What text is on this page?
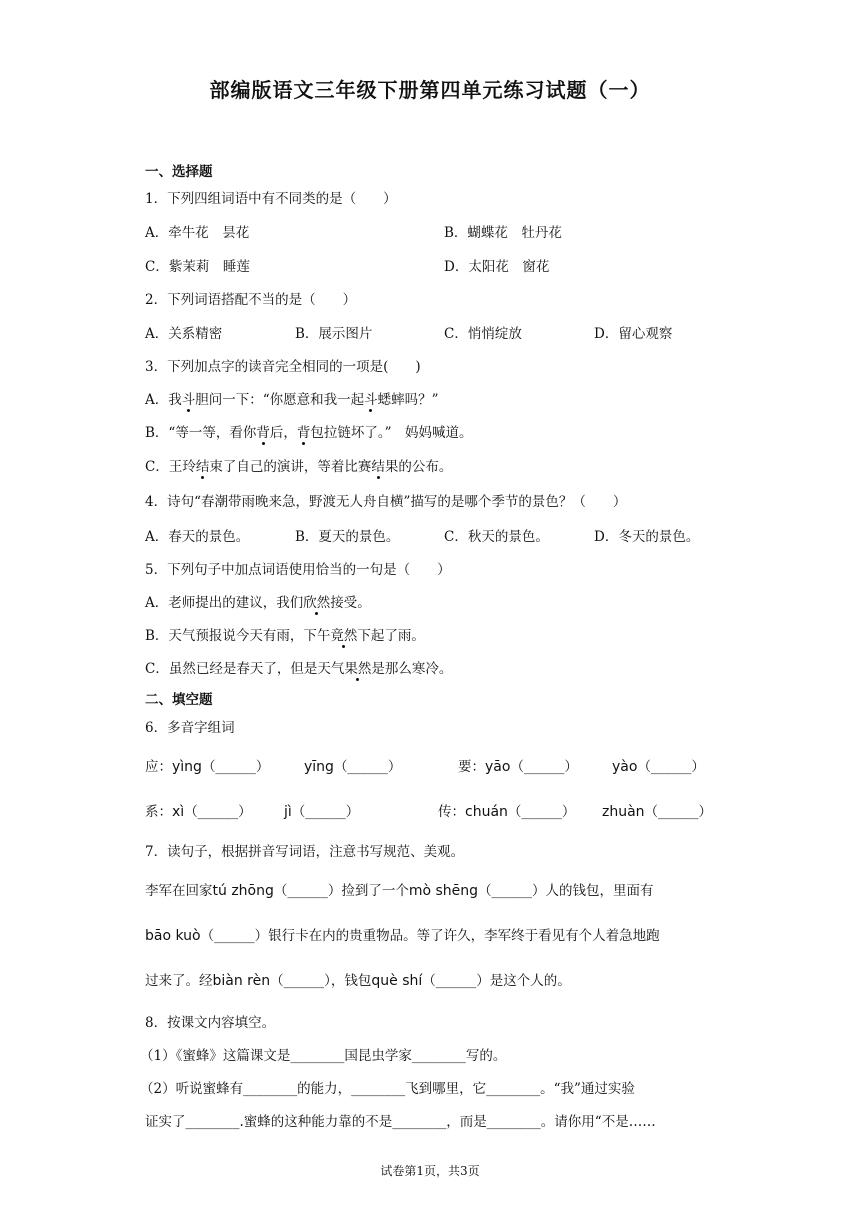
部编版语文三年级下册第四单元练习试题（一）
一、选择题
1．下列四组词语中有不同类的是（　　）
A．牵牛花　昙花	B．蝴蝶花　牡丹花
C．紫茉莉　睡莲	D．太阳花　窗花
2．下列词语搭配不当的是（　　）
A．关系精密	B．展示图片	C．悄悄绽放	D．留心观察
3．下列加点字的读音完全相同的一项是(　　)
A．我斗胆问一下：“你愿意和我一起斗蟋蟀吗？”
B．“等一等，看你背后，背包拉链坏了。”　妈妈喊道。
C．王玲结束了自己的演讲，等着比赛结果的公布。
4．诗句“春潮带雨晚来急，野渡无人舟自横”描写的是哪个季节的景色？（　　）
A．春天的景色。	B．夏天的景色。	C．秋天的景色。	D．冬天的景色。
5．下列句子中加点词语使用恰当的一句是（　　）
A．老师提出的建议，我们欣然接受。
B．天气预报说今天有雨，下午竟然下起了雨。
C．虽然已经是春天了，但是天气果然是那么寒冷。
二、填空题
6．多音字组词
应：yìng（______） yīng（______）	要：yāo（______） yào（______）
系：xì（______） jì（______）	传：chuán（______） zhuàn（______）
7．读句子，根据拼音写词语，注意书写规范、美观。
李军在回家tú zhōng（______）捡到了一个mò shēng（______）人的钱包，里面有
bāo kuò（______）银行卡在内的贵重物品。等了许久，李军终于看见有个人着急地跑
过来了。经biàn rèn（______），钱包què shí（______）是这个人的。
8．按课文内容填空。
（1）《蜜蜂》这篇课文是________国昆虫学家________写的。
（2）听说蜜蜂有________的能力，________飞到哪里，它________。“我”通过实验
证实了________.蜜蜂的这种能力靠的不是________，而是________。请你用“不是……
试卷第1页，共3页
